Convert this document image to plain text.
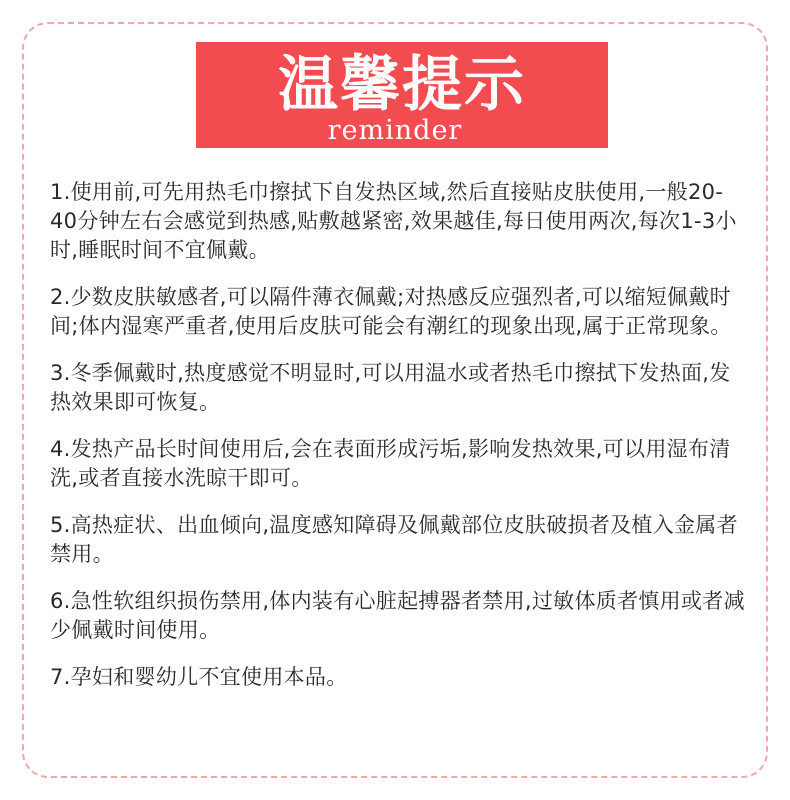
温馨提示
reminder
1.使用前,可先用热毛巾擦拭下自发热区域,然后直接贴皮肤使用,一般20-40分钟左右会感觉到热感,贴敷越紧密,效果越佳,每日使用两次,每次1-3小时,睡眠时间不宜佩戴。
2.少数皮肤敏感者,可以隔件薄衣佩戴;对热感反应强烈者,可以缩短佩戴时间;体内湿寒严重者,使用后皮肤可能会有潮红的现象出现,属于正常现象。
3.冬季佩戴时,热度感觉不明显时,可以用温水或者热毛巾擦拭下发热面,发热效果即可恢复。
4.发热产品长时间使用后,会在表面形成污垢,影响发热效果,可以用湿布清洗,或者直接水洗晾干即可。
5.高热症状、出血倾向,温度感知障碍及佩戴部位皮肤破损者及植入金属者禁用。
6.急性软组织损伤禁用,体内装有心脏起搏器者禁用,过敏体质者慎用或者减少佩戴时间使用。
7.孕妇和婴幼儿不宜使用本品。
